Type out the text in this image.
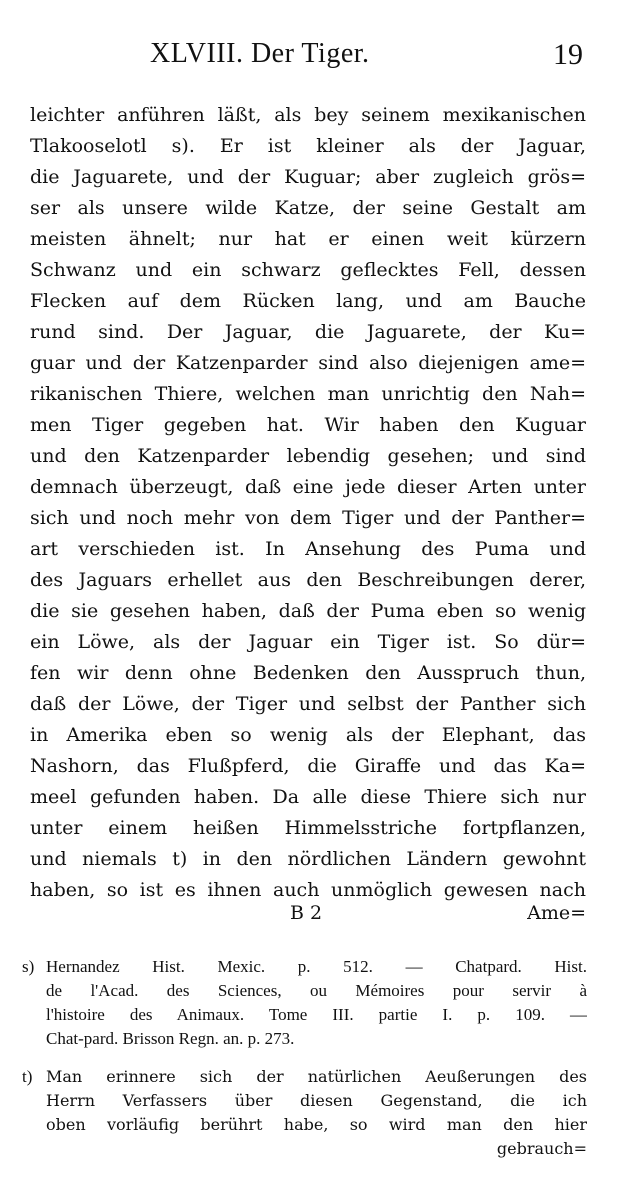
XLVIII. Der Tiger.	19
leichter anführen läßt, als bey seinem mexikanischen
Tlakooselotl s). Er ist kleiner als der Jaguar,
die Jaguarete, und der Kuguar; aber zugleich grös=
ser als unsere wilde Katze, der seine Gestalt am
meisten ähnelt; nur hat er einen weit kürzern
Schwanz und ein schwarz geflecktes Fell, dessen
Flecken auf dem Rücken lang, und am Bauche
rund sind. Der Jaguar, die Jaguarete, der Ku=
guar und der Katzenparder sind also diejenigen ame=
rikanischen Thiere, welchen man unrichtig den Nah=
men Tiger gegeben hat. Wir haben den Kuguar
und den Katzenparder lebendig gesehen; und sind
demnach überzeugt, daß eine jede dieser Arten unter
sich und noch mehr von dem Tiger und der Panther=
art verschieden ist. In Ansehung des Puma und
des Jaguars erhellet aus den Beschreibungen derer,
die sie gesehen haben, daß der Puma eben so wenig
ein Löwe, als der Jaguar ein Tiger ist. So dür=
fen wir denn ohne Bedenken den Ausspruch thun,
daß der Löwe, der Tiger und selbst der Panther sich
in Amerika eben so wenig als der Elephant, das
Nashorn, das Flußpferd, die Giraffe und das Ka=
meel gefunden haben. Da alle diese Thiere sich nur
unter einem heißen Himmelsstriche fortpflanzen,
und niemals t) in den nördlichen Ländern gewohnt
haben, so ist es ihnen auch unmöglich gewesen nach
B 2	Ame=
s) Hernandez Hist. Mexic. p. 512. — Chatpard. Hist.
de l'Acad. des Sciences, ou Mémoires pour servir à
l'histoire des Animaux. Tome III. partie I. p. 109. —
Chat-pard. Brisson Regn. an. p. 273.
t) Man erinnere sich der natürlichen Aeußerungen des
Herrn Verfassers über diesen Gegenstand, die ich
oben vorläufig berührt habe, so wird man den hier
gebrauch=
